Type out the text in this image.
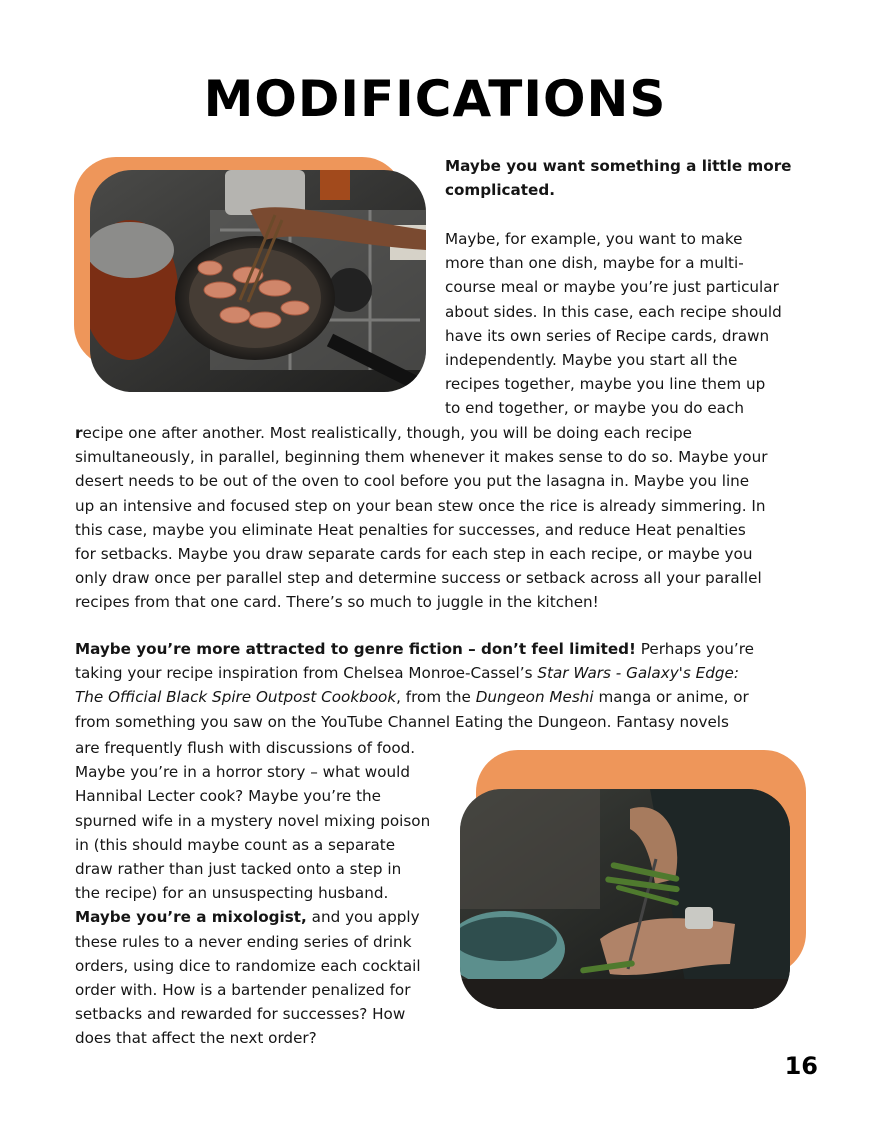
MODIFICATIONS
Maybe you want something a little more complicated.
Maybe, for example, you want to make
more than one dish, maybe for a multi-
course meal or maybe you’re just particular
about sides. In this case, each recipe should
have its own series of Recipe cards, drawn
independently. Maybe you start all the
recipes together, maybe you line them up
to end together, or maybe you do each
recipe one after another. Most realistically, though, you will be doing each recipe
simultaneously, in parallel, beginning them whenever it makes sense to do so. Maybe your
desert needs to be out of the oven to cool before you put the lasagna in. Maybe you line
up an intensive and focused step on your bean stew once the rice is already simmering. In
this case, maybe you eliminate Heat penalties for successes, and reduce Heat penalties
for setbacks. Maybe you draw separate cards for each step in each recipe, or maybe you
only draw once per parallel step and determine success or setback across all your parallel
recipes from that one card. There’s so much to juggle in the kitchen!
Maybe you’re more attracted to genre fiction – don’t feel limited! Perhaps you’re
taking your recipe inspiration from Chelsea Monroe-Cassel’s Star Wars - Galaxy's Edge:
The Official Black Spire Outpost Cookbook, from the Dungeon Meshi manga or anime, or
from something you saw on the YouTube Channel Eating the Dungeon. Fantasy novels
are frequently flush with discussions of food.
Maybe you’re in a horror story – what would
Hannibal Lecter cook? Maybe you’re the
spurned wife in a mystery novel mixing poison
in (this should maybe count as a separate
draw rather than just tacked onto a step in
the recipe) for an unsuspecting husband.
Maybe you’re a mixologist, and you apply
these rules to a never ending series of drink
orders, using dice to randomize each cocktail
order with. How is a bartender penalized for
setbacks and rewarded for successes? How
does that affect the next order?
16
